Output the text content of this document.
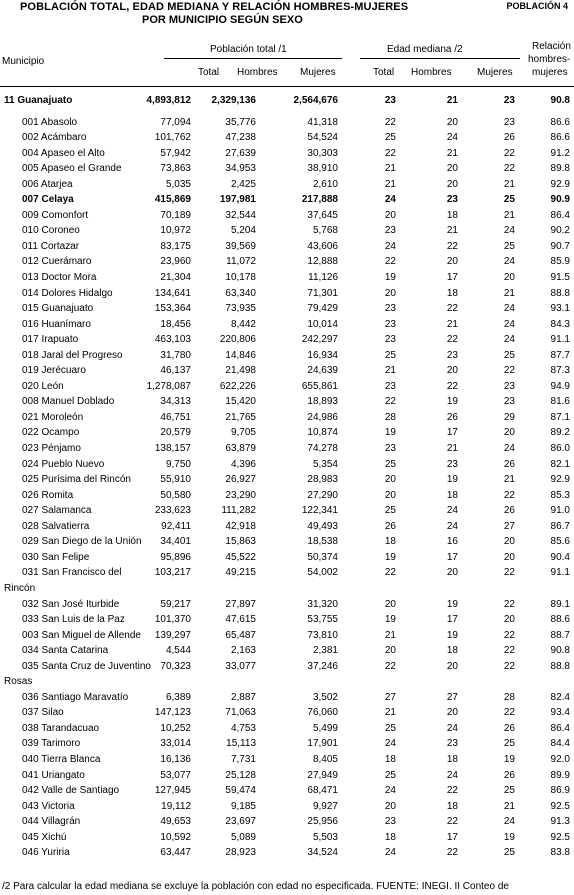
POBLACIÓN TOTAL, EDAD MEDIANA Y RELACIÓN HOMBRES-MUJERES
POR MUNICIPIO SEGÚN SEXO
POBLACIÓN 4
Municipio
Población total /1	Edad mediana /2	Relación
hombres-
mujeres
Total Hombres Mujeres	Total Hombres	Mujeres
11 Guanajuato	4,893,812 2,329,136	2,564,676	23	21	23	90.8
001 Abasolo	77,094	35,776	41,318	22	20	23	86.6
002 Acámbaro	101,762	47,238	54,524	25	24	26	86.6
004 Apaseo el Alto	57,942	27,639	30,303	22	21	22	91.2
005 Apaseo el Grande	73,863	34,953	38,910	21	20	22	89.8
006 Atarjea	5,035	2,425	2,610	21	20	21	92.9
007 Celaya	415,869	197,981	217,888	24	23	25	90.9
009 Comonfort	70,189	32,544	37,645	20	18	21	86.4
010 Coroneo	10,972	5,204	5,768	23	21	24	90.2
011 Cortazar	83,175	39,569	43,606	24	22	25	90.7
012 Cuerámaro	23,960	11,072	12,888	22	20	24	85.9
013 Doctor Mora	21,304	10,178	11,126	19	17	20	91.5
014 Dolores Hidalgo	134,641	63,340	71,301	20	18	21	88.8
015 Guanajuato	153,364	73,935	79,429	23	22	24	93.1
016 Huanímaro	18,456	8,442	10,014	23	21	24	84.3
017 Irapuato	463,103	220,806	242,297	23	22	24	91.1
018 Jaral del Progreso	31,780	14,846	16,934	25	23	25	87.7
019 Jerécuaro	46,137	21,498	24,639	21	20	22	87.3
020 León	1,278,087	622,226	655,861	23	22	23	94.9
008 Manuel Doblado	34,313	15,420	18,893	22	19	23	81.6
021 Moroleón	46,751	21,765	24,986	28	26	29	87.1
022 Ocampo	20,579	9,705	10,874	19	17	20	89.2
023 Pénjamo	138,157	63,879	74,278	23	21	24	86.0
024 Pueblo Nuevo	9,750	4,396	5,354	25	23	26	82.1
025 Purísima del Rincón	55,910	26,927	28,983	20	19	21	92.9
026 Romita	50,580	23,290	27,290	20	18	22	85.3
027 Salamanca	233,623	111,282	122,341	25	24	26	91.0
028 Salvatierra	92,411	42,918	49,493	26	24	27	86.7
029 San Diego de la Unión 34,401	15,863	18,538	18	16	20	85.6
030 San Felipe	95,896	45,522	50,374	19	17	20	90.4
031 San Francisco del	103,217	49,215	54,002	22	20	22	91.1
Rincón
032 San José Iturbide	59,217	27,897	31,320	20	19	22	89.1
033 San Luis de la Paz	101,370	47,615	53,755	19	17	20	88.6
003 San Miguel de Allende 139,297	65,487	73,810	21	19	22	88.7
034 Santa Catarina	4,544	2,163	2,381	20	18	22	90.8
035 Santa Cruz de Juventino 70,323	33,077	37,246	22	20	22	88.8
Rosas
036 Santiago Maravatío	6,389	2,887	3,502	27	27	28	82.4
037 Silao	147,123	71,063	76,060	21	20	22	93.4
038 Tarandacuao	10,252	4,753	5,499	25	24	26	86.4
039 Tarimoro	33,014	15,113	17,901	24	23	25	84.4
040 Tierra Blanca	16,136	7,731	8,405	18	18	19	92.0
041 Uriangato	53,077	25,128	27,949	25	24	26	89.9
042 Valle de Santiago	127,945	59,474	68,471	24	22	25	86.9
043 Victoria	19,112	9,185	9,927	20	18	21	92.5
044 Villagrán	49,653	23,697	25,956	23	22	24	91.3
045 Xichú	10,592	5,089	5,503	18	17	19	92.5
046 Yuriria	63,447	28,923	34,524	24	22	25	83.8
/2 Para calcular la edad mediana se excluye la población con edad no especificada. FUENTE: INEGI. II Conteo de
